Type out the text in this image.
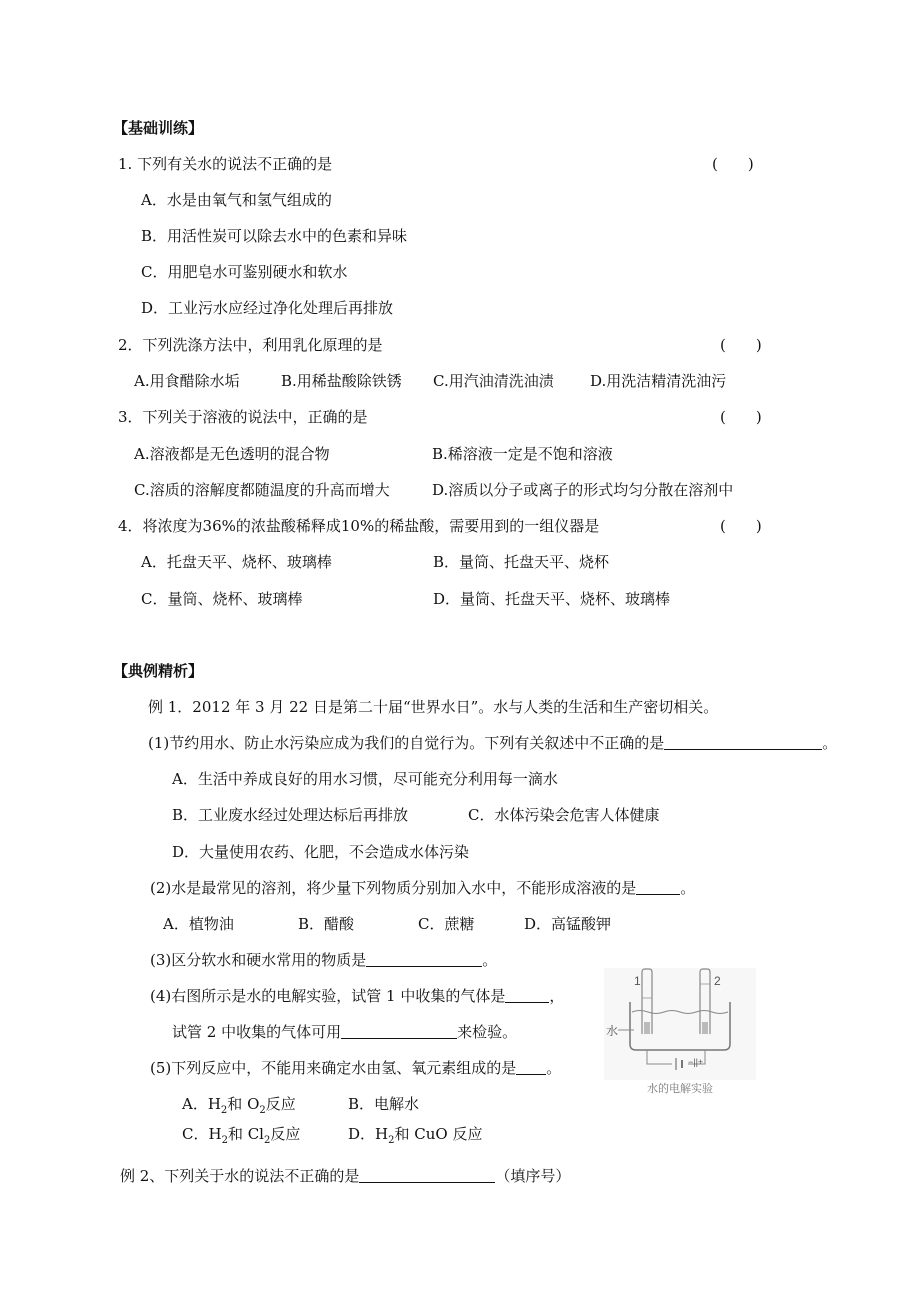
【基础训练】
1. 下列有关水的说法不正确的是	(　　)
A．水是由氧气和氢气组成的
B．用活性炭可以除去水中的色素和异味
C．用肥皂水可鉴别硬水和软水
D．工业污水应经过净化处理后再排放
2．下列洗涤方法中，利用乳化原理的是	(　　)
A.用食醋除水垢	B.用稀盐酸除铁锈 C.用汽油清洗油渍 D.用洗洁精清洗油污
3．下列关于溶液的说法中，正确的是	(　　)
A.溶液都是无色透明的混合物	B.稀溶液一定是不饱和溶液
C.溶质的溶解度都随温度的升高而增大	D.溶质以分子或离子的形式均匀分散在溶剂中
4．将浓度为36%的浓盐酸稀释成10%的稀盐酸，需要用到的一组仪器是	(　　)
A．托盘天平、烧杯、玻璃棒	B．量筒、托盘天平、烧杯
C．量筒、烧杯、玻璃棒	D．量筒、托盘天平、烧杯、玻璃棒
【典例精析】
例 1．2012 年 3 月 22 日是第二十届“世界水日”。水与人类的生活和生产密切相关。
(1)节约用水、防止水污染应成为我们的自觉行为。下列有关叙述中不正确的是	。
A．生活中养成良好的用水习惯，尽可能充分利用每一滴水
B．工业废水经过处理达标后再排放	C．水体污染会危害人体健康
D．大量使用农药、化肥，不会造成水体污染
(2)水是最常见的溶剂，将少量下列物质分别加入水中，不能形成溶液的是	。
A．植物油	B．醋酸	C．蔗糖	D．高锰酸钾
(3)区分软水和硬水常用的物质是	。
(4)右图所示是水的电解实验，试管 1 中收集的气体是	，
试管 2 中收集的气体可用	来检验。
(5)下列反应中，不能用来确定水由氢、氧元素组成的是 。
A．$H_2$和 $O_2$反应	B．电解水
C．$H_2$和 $Cl_2$反应	D．$H_2$和 CuO 反应
例 2、下列关于水的说法不正确的是	（填序号）
1	2
水
−||+
水的电解实验
